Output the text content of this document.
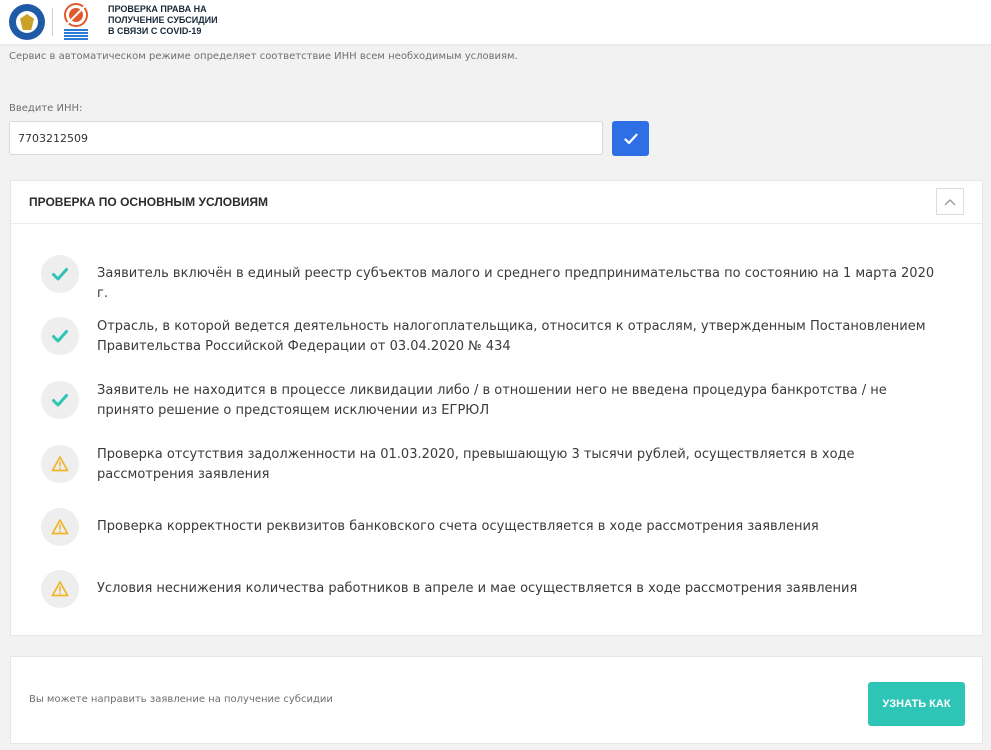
ПРОВЕРКА ПРАВА НА
ПОЛУЧЕНИЕ СУБСИДИИ
В СВЯЗИ С COVID-19
Сервис в автоматическом режиме определяет соответствие ИНН всем необходимым условиям.
Введите ИНН:
7703212509
ПРОВЕРКА ПО ОСНОВНЫМ УСЛОВИЯМ
Заявитель включён в единый реестр субъектов малого и среднего предпринимательства по состоянию на 1 марта 2020 г.
Отрасль, в которой ведется деятельность налогоплательщика, относится к отраслям, утвержденным Постановлением Правительства Российской Федерации от 03.04.2020 № 434
Заявитель не находится в процессе ликвидации либо / в отношении него не введена процедура банкротства / не принято решение о предстоящем исключении из ЕГРЮЛ
Проверка отсутствия задолженности на 01.03.2020, превышающую 3 тысячи рублей, осуществляется в ходе рассмотрения заявления
Проверка корректности реквизитов банковского счета осуществляется в ходе рассмотрения заявления
Условия неснижения количества работников в апреле и мае осуществляется в ходе рассмотрения заявления
Вы можете направить заявление на получение субсидии	УЗНАТЬ КАК
